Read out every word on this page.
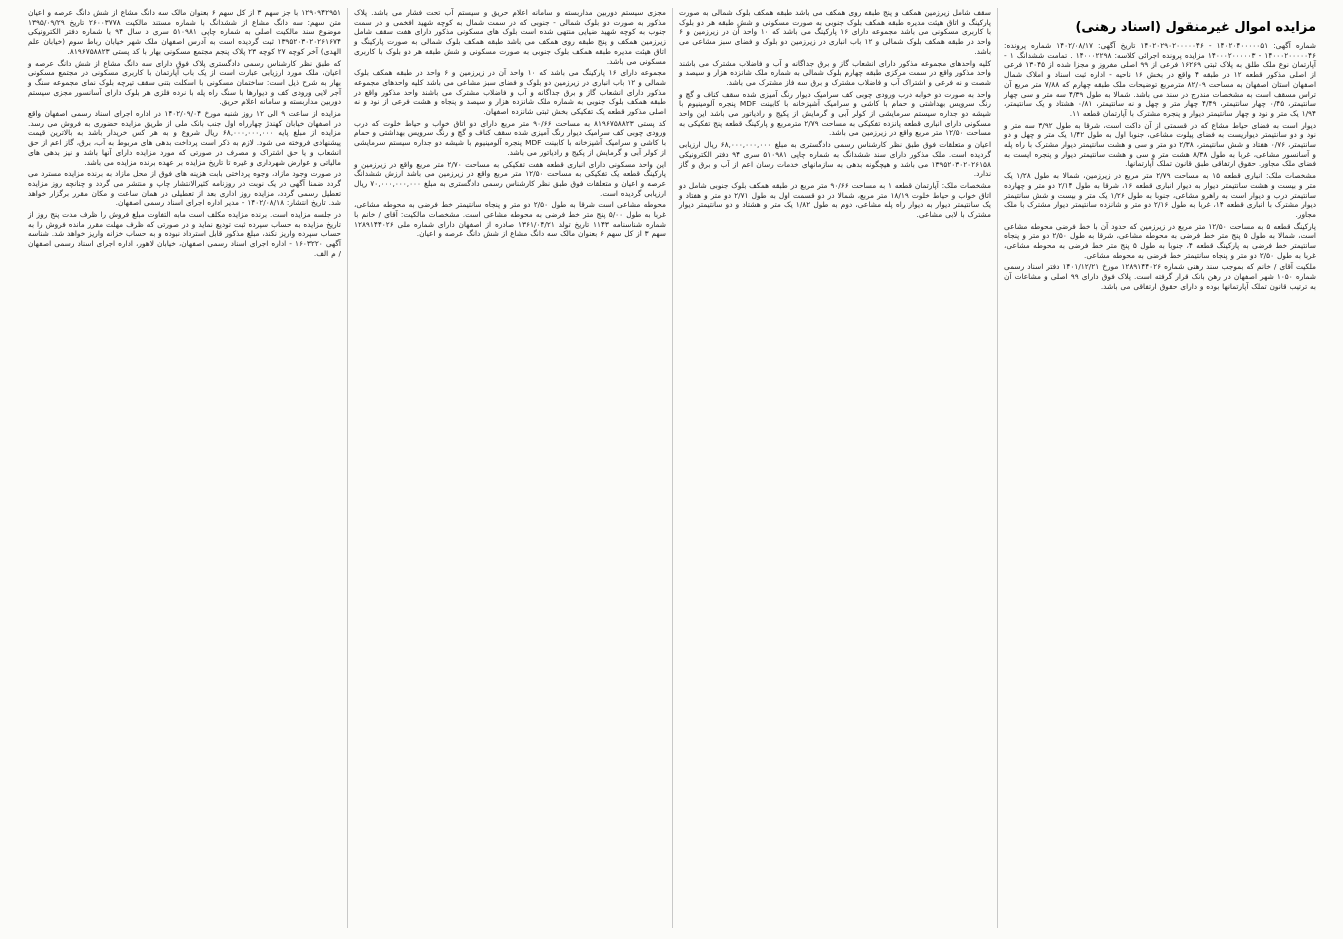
مزایده اموال غیرمنقول (اسناد رهنی)

شماره آگهی: ۱۴۰۲۰۴۰۰۰۰۰۵۱ - ۱۴۰۲۰۲۹۰۲۰۰۰۰۰۴۶ تاریخ آگهی: ۱۴۰۲/۰۸/۱۷ شماره پرونده: ۱۴۰۰۰۲۰۰۰۰۰۴۶ - ۱۴۰۰۰۲۰۰۰۰۰۳ مزایده پرونده اجرائی کلاسه: ۱۴۰۰۰۲۲۹۸ . تمامت ششدانگ ۱ - آپارتمان نوع ملک طلق به پلاک ثبتی ۱۶۲۶۹ فرعی از ۹۹ اصلی مفروز و مجزا شده از ۱۳۰۴۵ فرعی از اصلی مذکور قطعه ۱۲ در طبقه ۴ واقع در بخش ۱۶ ناحیه - اداره ثبت اسناد و املاک شمال اصفهان استان اصفهان به مساحت ۸۲/۰۹ مترمربع توضیحات ملک طبقه چهارم که ۷/۸۸ متر مربع آن تراس مسقف است به مشخصات مندرج در سند می باشد. شمالا به طول ۴/۳۹ سه متر و سی چهار سانتیمتر، ۰/۴۵ چهار سانتیمتر، ۴/۴۹ چهار متر و چهل و نه سانتیمتر، ۰/۸۱ هشتاد و یک سانتیمتر، ۱/۹۴ یک متر و نود و چهار سانتیمتر دیوار و پنجره مشترک با آپارتمان قطعه ۱۱.

دیوار است به فضای حیاط مشاع که در قسمتی از آن داکت است، شرقا به طول ۳/۹۲ سه متر و نود و دو سانتیمتر دیواریست به فضای پیلوت مشاعی، جنوبا اول به طول ۱/۴۲ یک متر و چهل و دو سانتیمتر، ۰/۷۶ هفتاد و شش سانتیمتر، ۲/۳۸ دو متر و سی و هشت سانتیمتر دیوار مشترک با راه پله و آسانسور مشاعی، غربا به طول ۸/۳۸ هشت متر و سی و هشت سانتیمتر دیوار و پنجره ایست به فضای ملک مجاور. حقوق ارتفاقی طبق قانون تملک آپارتمانها.

مشخصات ملک: انباری قطعه ۱۵ به مساحت ۲/۷۹ متر مربع در زیرزمین، شمالا به طول ۱/۲۸ یک متر و بیست و هشت سانتیمتر دیوار به دیوار انباری قطعه ۱۶، شرقا به طول ۲/۱۴ دو متر و چهارده سانتیمتر درب و دیوار است به راهرو مشاعی، جنوبا به طول ۱/۲۶ یک متر و بیست و شش سانتیمتر دیوار مشترک با انباری قطعه ۱۴، غربا به طول ۲/۱۶ دو متر و شانزده سانتیمتر دیوار مشترک با ملک مجاور.

پارکینگ قطعه ۵ به مساحت ۱۲/۵۰ متر مربع در زیرزمین که حدود آن با خط فرضی محوطه مشاعی است، شمالا به طول ۵ پنج متر خط فرضی به محوطه مشاعی، شرقا به طول ۲/۵۰ دو متر و پنجاه سانتیمتر خط فرضی به پارکینگ قطعه ۴، جنوبا به طول ۵ پنج متر خط فرضی به محوطه مشاعی، غربا به طول ۲/۵۰ دو متر و پنجاه سانتیمتر خط فرضی به محوطه مشاعی.

ملکیت آقای / خانم که بموجب سند رهنی شماره ۱۲۸۹۱۴۴۰۲۶ مورخ ۱۴۰۱/۱۲/۲۱ دفتر اسناد رسمی شماره ۱۰۵۰ شهر اصفهان در رهن بانک قرار گرفته است. پلاک فوق دارای ۹۹ اصلی و مشاعات آن به ترتیب قانون تملک آپارتمانها بوده و دارای حقوق ارتفاقی می باشد.

سقف شامل زیرزمین همکف و پنج طبقه روی همکف می باشد طبقه همکف بلوک شمالی به صورت پارکینگ و اتاق هیئت مدیره طبقه همکف بلوک جنوبی به صورت مسکونی و شش طبقه هر دو بلوک با کاربری مسکونی می باشد مجموعه دارای ۱۶ پارکینگ می باشد که ۱۰ واحد آن در زیرزمین و ۶ واحد در طبقه همکف بلوک شمالی و ۱۲ باب انباری در زیرزمین دو بلوک و فضای سبز مشاعی می باشد.

کلیه واحدهای مجموعه مذکور دارای انشعاب گاز و برق جداگانه و آب و فاضلاب مشترک می باشند واحد مذکور واقع در سمت مرکزی طبقه چهارم بلوک شمالی به شماره ملک شانزده هزار و سیصد و شصت و نه فرعی و اشتراک آب و فاضلاب مشترک و برق سه فاز مشترک می باشد.

واحد به صورت دو خوابه درب ورودی چوبی کف سرامیک دیوار رنگ آمیزی شده سقف کناف و گچ و رنگ سرویس بهداشتی و حمام با کاشی و سرامیک آشپزخانه با کابینت MDF پنجره آلومینیوم با شیشه دو جداره سیستم سرمایشی از کولر آبی و گرمایش از پکیج و رادیاتور می باشد این واحد مسکونی دارای انباری قطعه پانزده تفکیکی به مساحت ۲/۷۹ مترمربع و پارکینگ قطعه پنج تفکیکی به مساحت ۱۲/۵۰ متر مربع واقع در زیرزمین می باشد.

اعیان و متعلقات فوق طبق نظر کارشناس رسمی دادگستری به مبلغ ۶۸,۰۰۰,۰۰۰,۰۰۰ ریال ارزیابی گردیده است. ملک مذکور دارای سند ششدانگ به شماره چاپی ۵۱۰۹۸۱ سری ۹۴ دفتر الکترونیکی ۱۳۹۵۲۰۳۰۲۰۲۶۱۵۸ می باشد و هیچگونه بدهی به سازمانهای خدمات رسان اعم از آب و برق و گاز ندارد.

مشخصات ملک: آپارتمان قطعه ۱ به مساحت ۹۰/۶۶ متر مربع در طبقه همکف بلوک جنوبی شامل دو اتاق خواب و حیاط خلوت ۱۸/۱۹ متر مربع، شمالا در دو قسمت اول به طول ۲/۷۱ دو متر و هفتاد و یک سانتیمتر دیوار به دیوار راه پله مشاعی، دوم به طول ۱/۸۲ یک متر و هشتاد و دو سانتیمتر دیوار مشترک با لابی مشاعی.

مجزی سیستم دوربین مداربسته و سامانه اعلام حریق و سیستم آب تحت فشار می باشد. پلاک مذکور به صورت دو بلوک شمالی - جنوبی که در سمت شمال به کوچه شهید افخمی و در سمت جنوب به کوچه شهید ضیایی منتهی شده است بلوک های مسکونی مذکور دارای هفت سقف شامل زیرزمین همکف و پنج طبقه روی همکف می باشد طبقه همکف بلوک شمالی به صورت پارکینگ و اتاق هیئت مدیره طبقه همکف بلوک جنوبی به صورت مسکونی و شش طبقه هر دو بلوک با کاربری مسکونی می باشد.

مجموعه دارای ۱۶ پارکینگ می باشد که ۱۰ واحد آن در زیرزمین و ۶ واحد در طبقه همکف بلوک شمالی و ۱۲ باب انباری در زیرزمین دو بلوک و فضای سبز مشاعی می باشد کلیه واحدهای مجموعه مذکور دارای انشعاب گاز و برق جداگانه و آب و فاضلاب مشترک می باشند واحد مذکور واقع در طبقه همکف بلوک جنوبی به شماره ملک شانزده هزار و سیصد و پنجاه و هشت فرعی از نود و نه اصلی مذکور قطعه یک تفکیکی بخش ثبتی شانزده اصفهان.

کد پستی ۸۱۹۶۷۵۸۸۲۳ به مساحت ۹۰/۶۶ متر مربع دارای دو اتاق خواب و حیاط خلوت که درب ورودی چوبی کف سرامیک دیوار رنگ آمیزی شده سقف کناف و گچ و رنگ سرویس بهداشتی و حمام با کاشی و سرامیک آشپزخانه با کابینت MDF پنجره آلومینیوم با شیشه دو جداره سیستم سرمایشی از کولر آبی و گرمایش از پکیج و رادیاتور می باشد.

این واحد مسکونی دارای انباری قطعه هفت تفکیکی به مساحت ۲/۷۰ متر مربع واقع در زیرزمین و پارکینگ قطعه یک تفکیکی به مساحت ۱۲/۵۰ متر مربع واقع در زیرزمین می باشد ارزش ششدانگ عرصه و اعیان و متعلقات فوق طبق نظر کارشناس رسمی دادگستری به مبلغ ۷۰,۰۰۰,۰۰۰,۰۰۰ ریال ارزیابی گردیده است.

محوطه مشاعی است شرقا به طول ۲/۵۰ دو متر و پنجاه سانتیمتر خط فرضی به محوطه مشاعی، غربا به طول ۵/۰۰ پنج متر خط فرضی به محوطه مشاعی است. مشخصات مالکیت: آقای / خانم با شماره شناسنامه ۱۱۴۳ تاریخ تولد ۱۳۶۱/۰۴/۲۱ صادره از اصفهان دارای شماره ملی ۱۲۸۹۱۴۴۰۲۶ سهم ۳ از کل سهم ۶ بعنوان مالک سه دانگ مشاع از شش دانگ عرصه و اعیان.

۱۲۹۰۹۴۲۹۵۱ با جز سهم ۳ از کل سهم ۶ بعنوان مالک سه دانگ مشاع از شش دانگ عرصه و اعیان متن سهم: سه دانگ مشاع از ششدانگ با شماره مستند مالکیت ۲۶۰۰۳۷۷۸ تاریخ ۱۳۹۵/۰۹/۲۹ موضوع سند مالکیت اصلی به شماره چاپی ۵۱۰۹۸۱ سری د سال ۹۴ با شماره دفتر الکترونیکی ۱۳۹۵۲۰۳۰۲۰۲۶۱۶۷۴ ثبت گردیده است به آدرس اصفهان ملک شهر خیابان رباط سوم (خیابان علم الهدی) آخر کوچه ۲۷ کوچه ۲۳ پلاک پنجم مجتمع مسکونی بهار با کد پستی ۸۱۹۶۷۵۸۸۲۳.

که طبق نظر کارشناس رسمی دادگستری پلاک فوق دارای سه دانگ مشاع از شش دانگ عرصه و اعیان، ملک مورد ارزیابی عبارت است از یک باب آپارتمان با کاربری مسکونی در مجتمع مسکونی بهار به شرح ذیل است: ساختمان مسکونی با اسکلت بتنی سقف تیرچه بلوک نمای مجموعه سنگ و آجر لایی ورودی کف و دیوارها با سنگ راه پله با نرده فلزی هر بلوک دارای آسانسور مجزی سیستم دوربین مداربسته و سامانه اعلام حریق.

مزایده از ساعت ۹ الی ۱۲ روز شنبه مورخ ۱۴۰۲/۰۹/۰۴ در اداره اجرای اسناد رسمی اصفهان واقع در اصفهان خیابان کهندژ چهارراه اول جنب بانک ملی از طریق مزایده حضوری به فروش می رسد. مزایده از مبلغ پایه ۶۸,۰۰۰,۰۰۰,۰۰۰ ریال شروع و به هر کس خریدار باشد به بالاترین قیمت پیشنهادی فروخته می شود. لازم به ذکر است پرداخت بدهی های مربوط به آب، برق، گاز اعم از حق انشعاب و یا حق اشتراک و مصرف در صورتی که مورد مزایده دارای آنها باشد و نیز بدهی های مالیاتی و عوارض شهرداری و غیره تا تاریخ مزایده بر عهده برنده مزایده می باشد.

در صورت وجود مازاد، وجوه پرداختی بابت هزینه های فوق از محل مازاد به برنده مزایده مسترد می گردد ضمنا آگهی در یک نوبت در روزنامه کثیرالانتشار چاپ و منتشر می گردد و چنانچه روز مزایده تعطیل رسمی گردد، مزایده روز اداری بعد از تعطیلی در همان ساعت و مکان مقرر برگزار خواهد شد. تاریخ انتشار: ۱۴۰۲/۰۸/۱۸ - مدیر اداره اجرای اسناد رسمی اصفهان.

در جلسه مزایده است. برنده مزایده مکلف است مابه التفاوت مبلغ فروش را ظرف مدت پنج روز از تاریخ مزایده به حساب سپرده ثبت تودیع نماید و در صورتی که ظرف مهلت مقرر مانده فروش را به حساب سپرده واریز نکند، مبلغ مذکور قابل استرداد نبوده و به حساب خزانه واریز خواهد شد. شناسه آگهی ۱۶۰۳۲۲۰ - اداره اجرای اسناد رسمی اصفهان، خیابان لاهور، اداره اجرای اسناد رسمی اصفهان / م الف.
